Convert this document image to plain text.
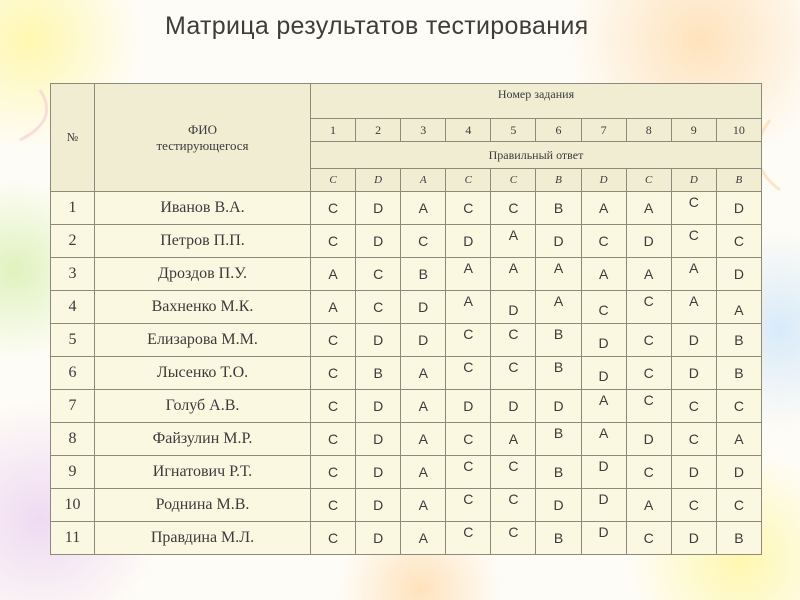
Матрица результатов тестирования
№	ФИО
тестирующегося	Номер задания									
		1	2	3	4	5	6	7	8	9	10
		Правильный ответ									
		C	D	A	C	C	B	D	C	D	B
1	Иванов В.А.	C	D	A	C	C	B	A	A	C	D
2	Петров П.П.	C	D	C	D	A	D	C	D	C	C
3	Дроздов П.У.	A	C	B	A	A	A	A	A	A	D
4	Вахненко М.К.	A	C	D	A	D	A	C	C	A	A
5	Елизарова М.М.	C	D	D	C	C	B	D	C	D	B
6	Лысенко Т.О.	C	B	A	C	C	B	D	C	D	B
7	Голуб А.В.	C	D	A	D	D	D	A	C	C	C
8	Файзулин М.Р.	C	D	A	C	A	B	A	D	C	A
9	Игнатович Р.Т.	C	D	A	C	C	B	D	C	D	D
10	Роднина М.В.	C	D	A	C	C	D	D	A	C	C
11	Правдина М.Л.	C	D	A	C	C	B	D	C	D	B
